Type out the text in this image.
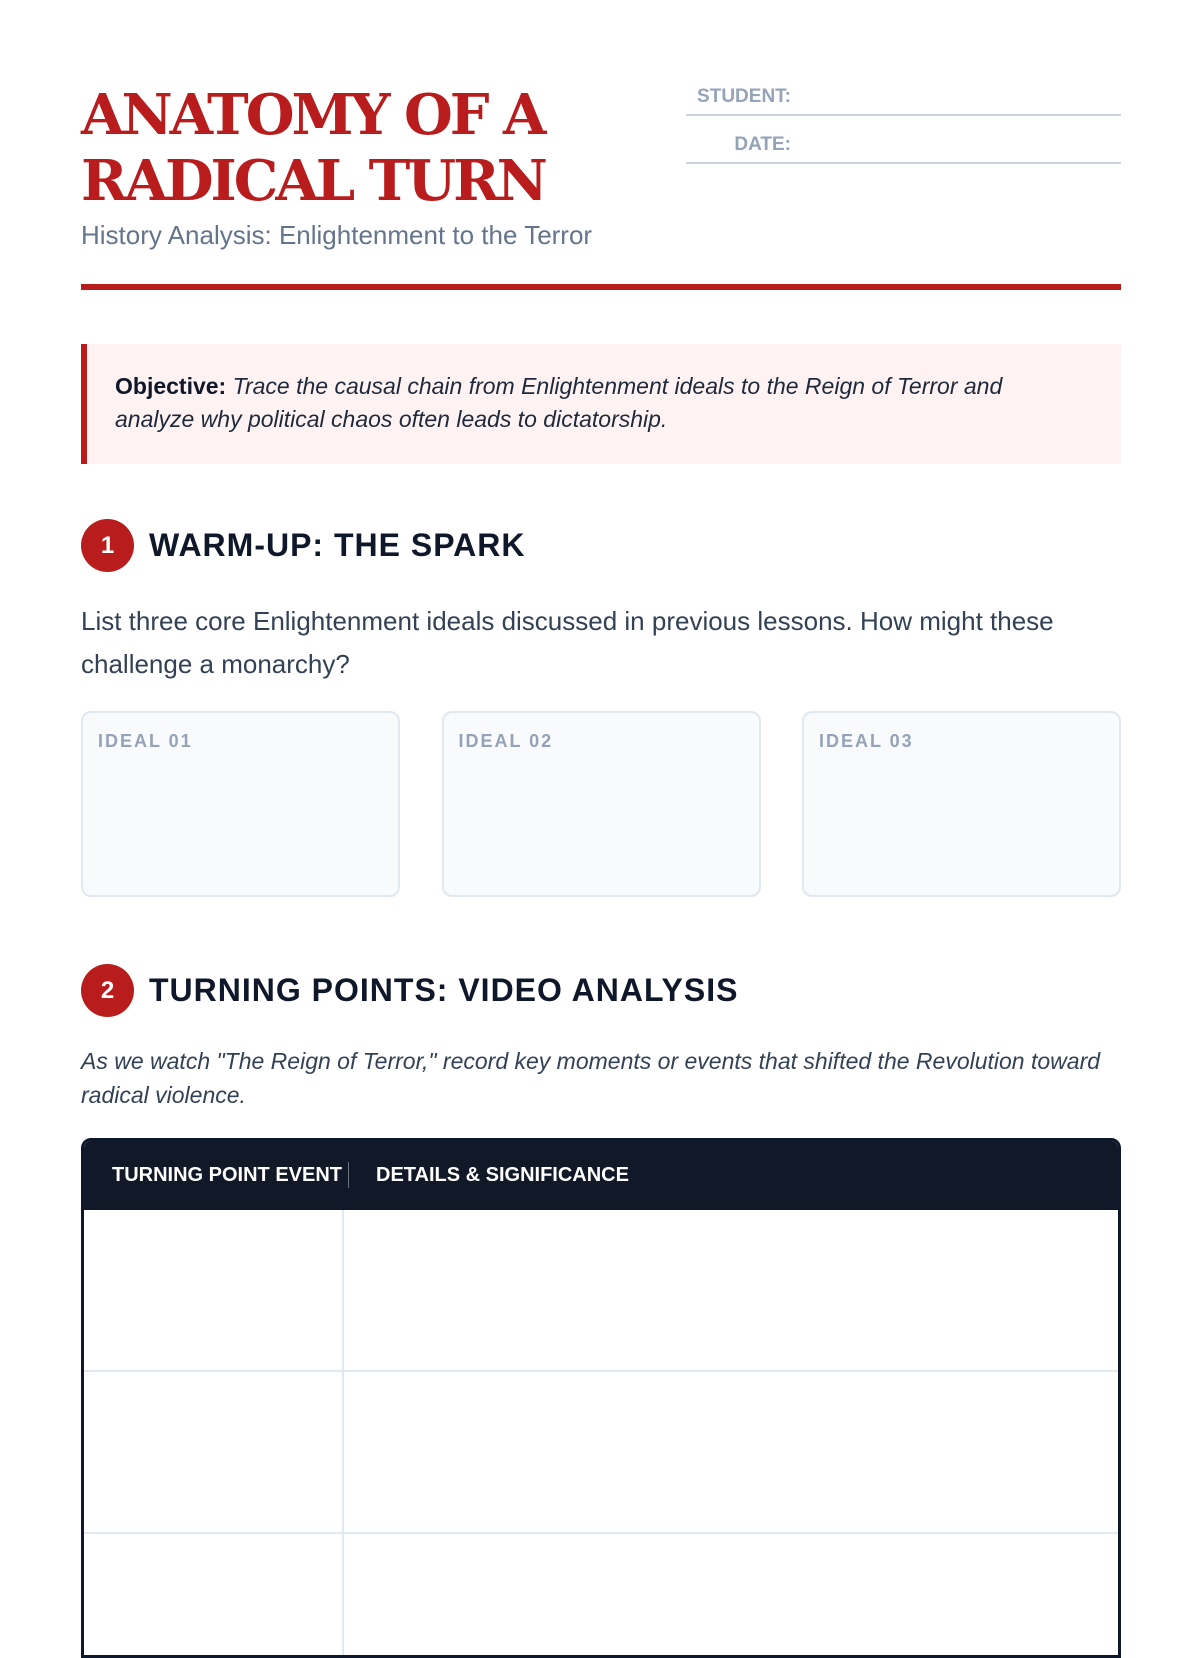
ANATOMY OF A
RADICAL TURN
History Analysis: Enlightenment to the Terror
STUDENT:
DATE:
Objective: Trace the causal chain from Enlightenment ideals to the Reign of Terror and analyze why political chaos often leads to dictatorship.
1	WARM-UP: THE SPARK
List three core Enlightenment ideals discussed in previous lessons. How might these challenge a monarchy?
IDEAL 01	IDEAL 02	IDEAL 03
2	TURNING POINTS: VIDEO ANALYSIS
As we watch "The Reign of Terror," record key moments or events that shifted the Revolution toward radical violence.
TURNING POINT EVENT	DETAILS & SIGNIFICANCE
